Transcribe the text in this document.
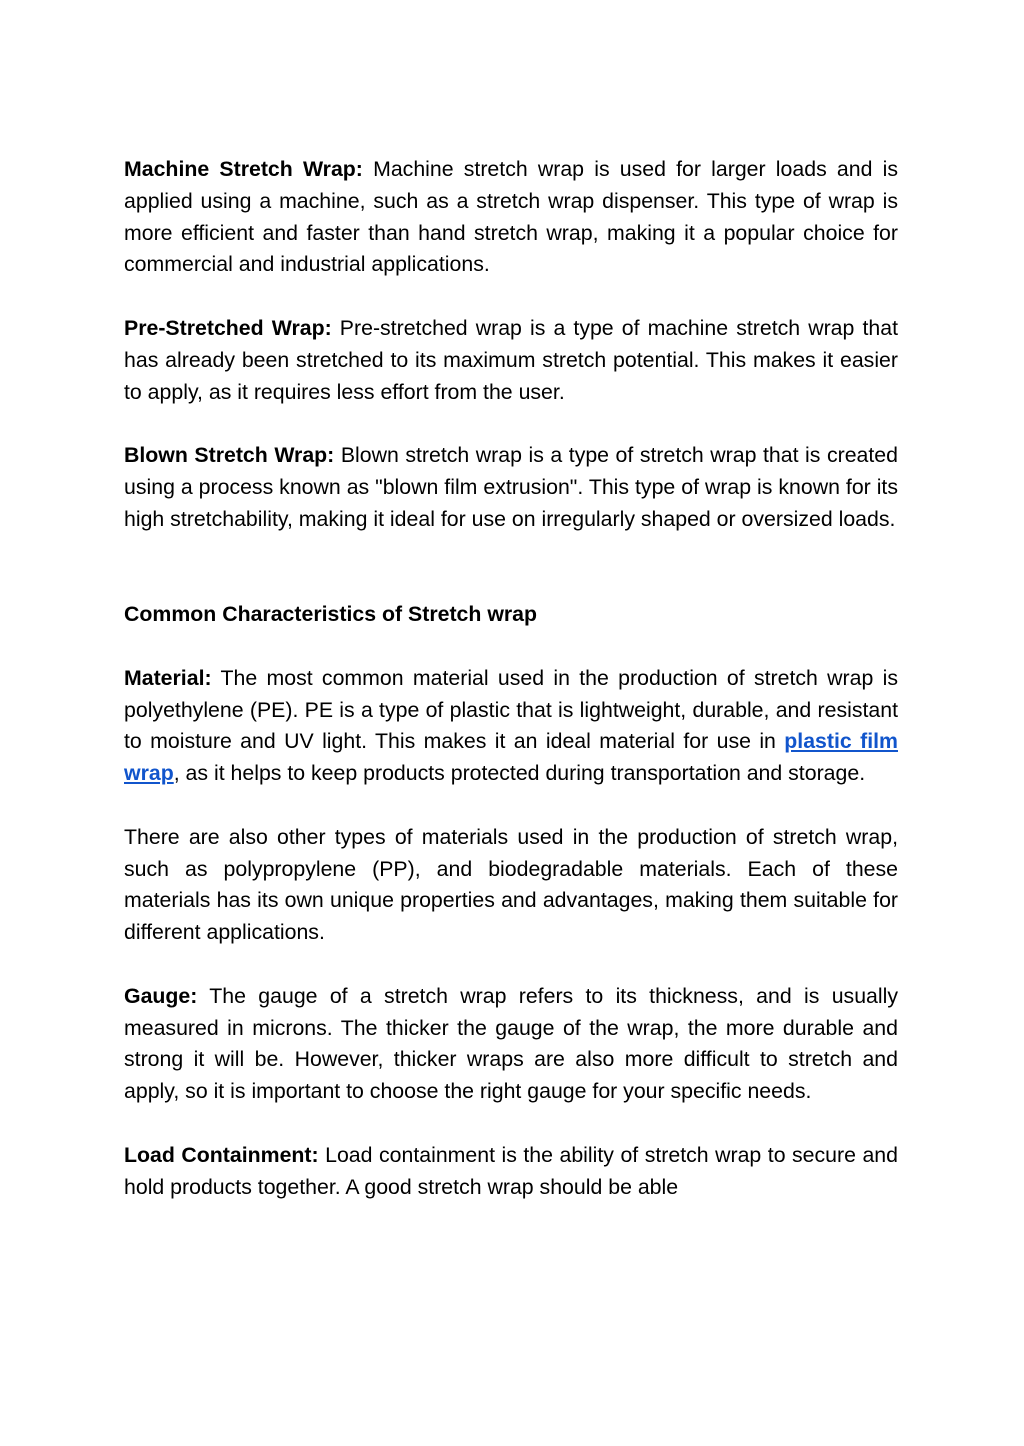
Machine Stretch Wrap: Machine stretch wrap is used for larger loads and is applied using a machine, such as a stretch wrap dispenser. This type of wrap is more efficient and faster than hand stretch wrap, making it a popular choice for commercial and industrial applications.

Pre-Stretched Wrap: Pre-stretched wrap is a type of machine stretch wrap that has already been stretched to its maximum stretch potential. This makes it easier to apply, as it requires less effort from the user.

Blown Stretch Wrap: Blown stretch wrap is a type of stretch wrap that is created using a process known as "blown film extrusion". This type of wrap is known for its high stretchability, making it ideal for use on irregularly shaped or oversized loads.

Common Characteristics of Stretch wrap

Material: The most common material used in the production of stretch wrap is polyethylene (PE). PE is a type of plastic that is lightweight, durable, and resistant to moisture and UV light. This makes it an ideal material for use in plastic film wrap, as it helps to keep products protected during transportation and storage.

There are also other types of materials used in the production of stretch wrap, such as polypropylene (PP), and biodegradable materials. Each of these materials has its own unique properties and advantages, making them suitable for different applications.

Gauge: The gauge of a stretch wrap refers to its thickness, and is usually measured in microns. The thicker the gauge of the wrap, the more durable and strong it will be. However, thicker wraps are also more difficult to stretch and apply, so it is important to choose the right gauge for your specific needs.

Load Containment: Load containment is the ability of stretch wrap to secure and hold products together. A good stretch wrap should be able
